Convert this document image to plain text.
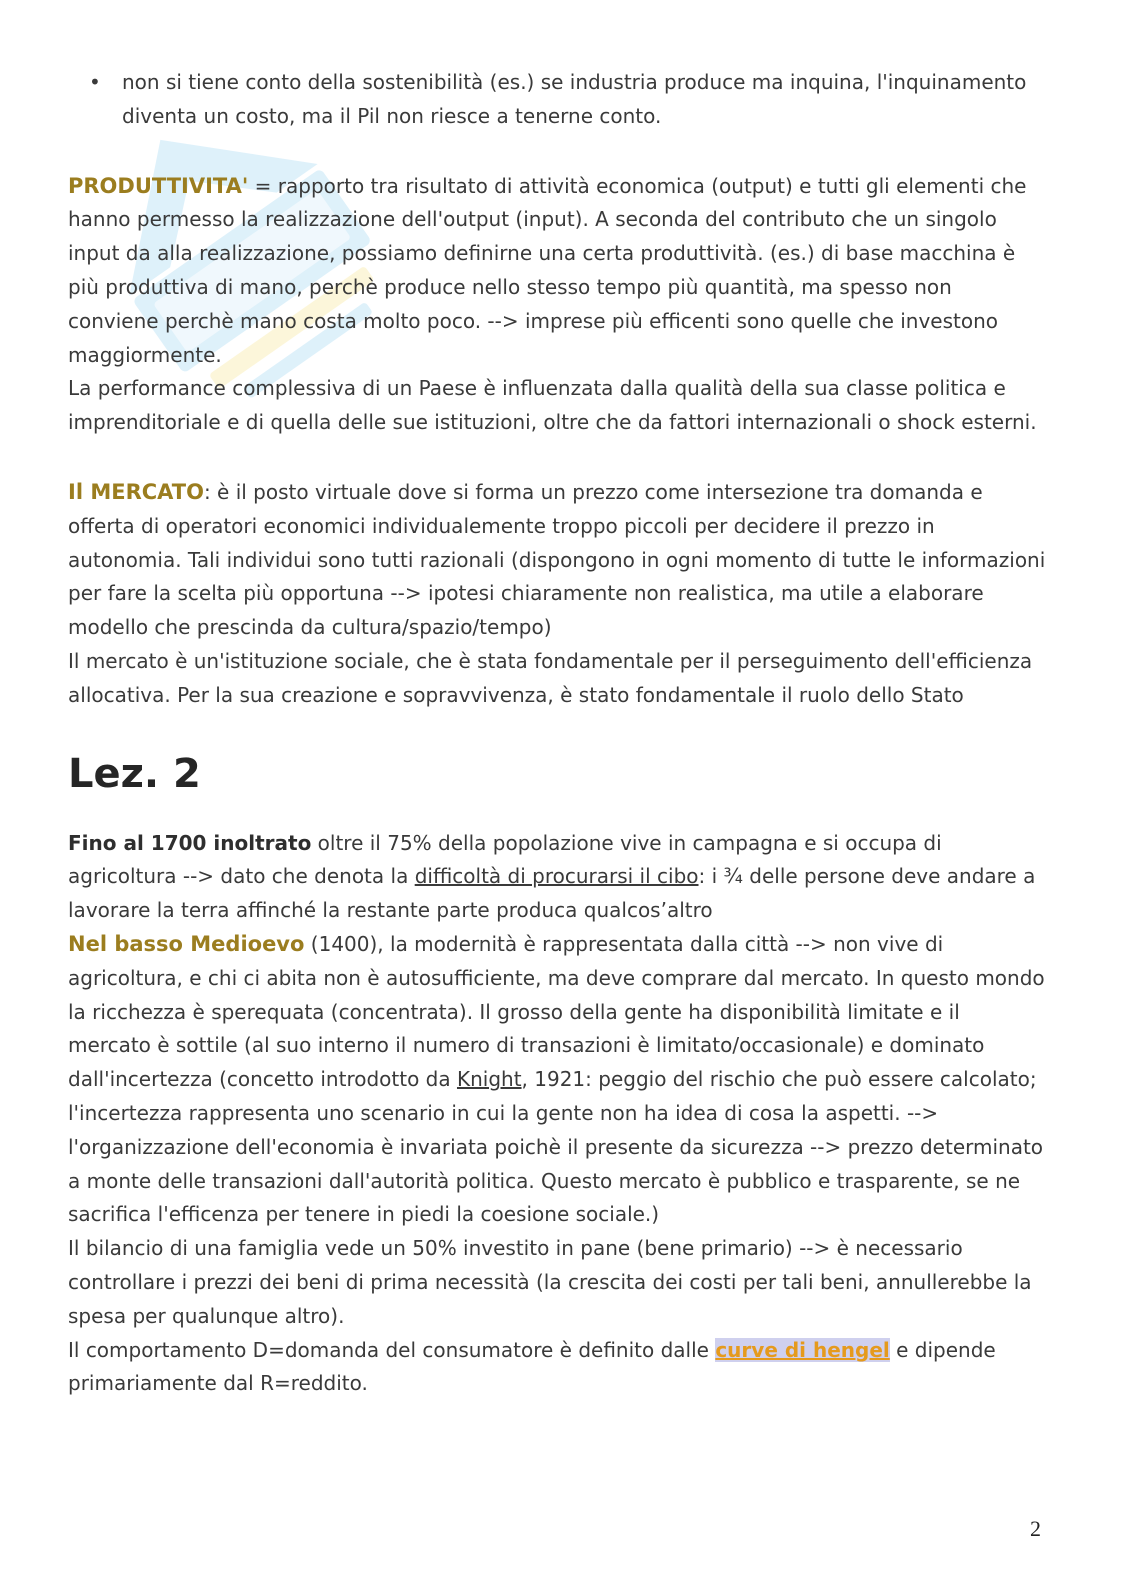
• non si tiene conto della sostenibilità (es.) se industria produce ma inquina, l'inquinamento diventa un costo, ma il Pil non riesce a tenerne conto.

PRODUTTIVITA' = rapporto tra risultato di attività economica (output) e tutti gli elementi che hanno permesso la realizzazione dell'output (input). A seconda del contributo che un singolo input da alla realizzazione, possiamo definirne una certa produttività. (es.) di base macchina è più produttiva di mano, perchè produce nello stesso tempo più quantità, ma spesso non conviene perchè mano costa molto poco. --> imprese più efficenti sono quelle che investono maggiormente.

La performance complessiva di un Paese è influenzata dalla qualità della sua classe politica e imprenditoriale e di quella delle sue istituzioni, oltre che da fattori internazionali o shock esterni.

Il MERCATO: è il posto virtuale dove si forma un prezzo come intersezione tra domanda e offerta di operatori economici individualemente troppo piccoli per decidere il prezzo in autonomia. Tali individui sono tutti razionali (dispongono in ogni momento di tutte le informazioni per fare la scelta più opportuna --> ipotesi chiaramente non realistica, ma utile a elaborare modello che prescinda da cultura/spazio/tempo)

Il mercato è un'istituzione sociale, che è stata fondamentale per il perseguimento dell'efficienza allocativa. Per la sua creazione e sopravvivenza, è stato fondamentale il ruolo dello Stato

Lez. 2

Fino al 1700 inoltrato oltre il 75% della popolazione vive in campagna e si occupa di agricoltura --> dato che denota la difficoltà di procurarsi il cibo: i ¾ delle persone deve andare a lavorare la terra affinché la restante parte produca qualcos’altro

Nel basso Medioevo (1400), la modernità è rappresentata dalla città --> non vive di agricoltura, e chi ci abita non è autosufficiente, ma deve comprare dal mercato. In questo mondo la ricchezza è sperequata (concentrata). Il grosso della gente ha disponibilità limitate e il mercato è sottile (al suo interno il numero di transazioni è limitato/occasionale) e dominato dall'incertezza (concetto introdotto da Knight, 1921: peggio del rischio che può essere calcolato; l'incertezza rappresenta uno scenario in cui la gente non ha idea di cosa la aspetti. --> l'organizzazione dell'economia è invariata poichè il presente da sicurezza --> prezzo determinato a monte delle transazioni dall'autorità politica. Questo mercato è pubblico e trasparente, se ne sacrifica l'efficenza per tenere in piedi la coesione sociale.)

Il bilancio di una famiglia vede un 50% investito in pane (bene primario) --> è necessario controllare i prezzi dei beni di prima necessità (la crescita dei costi per tali beni, annullerebbe la spesa per qualunque altro).

Il comportamento D=domanda del consumatore è definito dalle curve di hengel e dipende primariamente dal R=reddito.

2
